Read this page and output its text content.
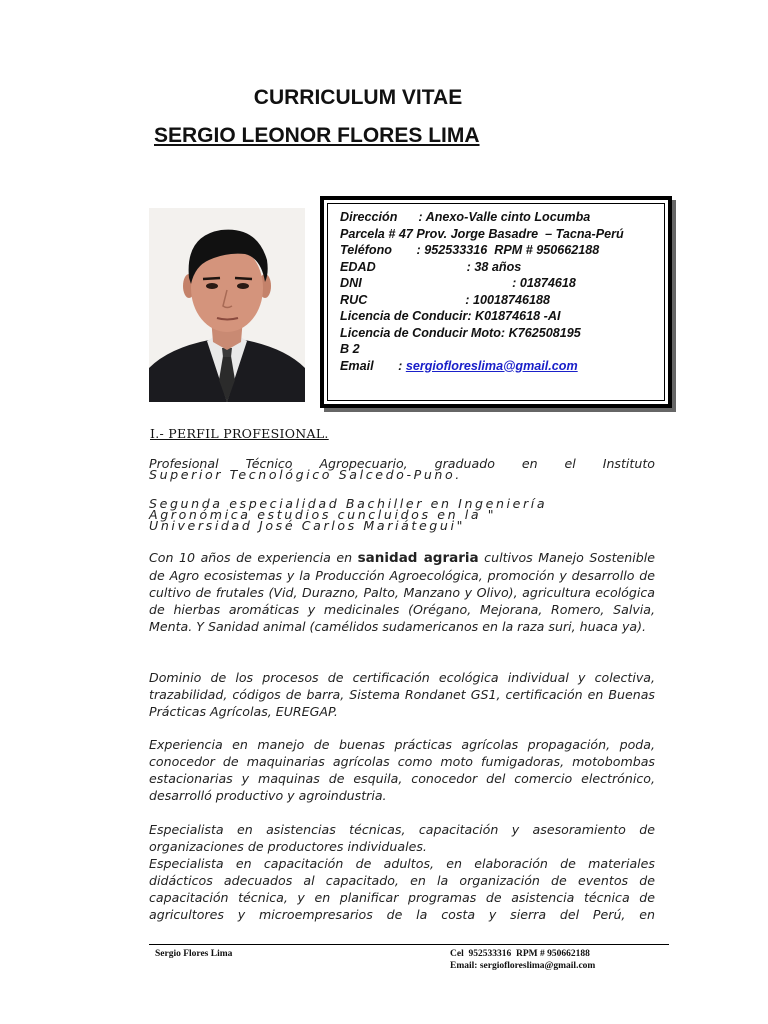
CURRICULUM VITAE
SERGIO LEONOR FLORES LIMA
Dirección : Anexo-Valle cinto Locumba
Parcela # 47 Prov. Jorge Basadre  – Tacna-Perú
Teléfono : 952533316  RPM # 950662188
EDAD	: 38 años
DNI	: 01874618
RUC	: 10018746188
Licencia de Conducir: K01874618 -AI
Licencia de Conducir Moto: K762508195
B 2
Email : sergiofloreslima@gmail.com
I.- PERFIL PROFESIONAL.
Profesional Técnico Agropecuario, graduado en el Instituto
Superior Tecnológico Salcedo-Puno.
Segunda especialidad Bachiller en Ingeniería
Agronómica estudios cuncluidos en la "
Universidad José Carlos Mariátegui"
Con 10 años de experiencia en sanidad agraria cultivos Manejo Sostenible de Agro ecosistemas y la Producción Agroecológica, promoción y desarrollo de cultivo de frutales (Vid, Durazno, Palto, Manzano y Olivo), agricultura ecológica de hierbas aromáticas y medicinales (Orégano, Mejorana, Romero, Salvia, Menta. Y Sanidad animal (camélidos sudamericanos en la raza suri, huaca ya).
Dominio de los procesos de certificación ecológica individual y colectiva, trazabilidad, códigos de barra, Sistema Rondanet GS1, certificación en Buenas Prácticas Agrícolas, EUREGAP.
Experiencia en manejo de buenas prácticas agrícolas propagación, poda, conocedor de maquinarias agrícolas como moto fumigadoras, motobombas estacionarias y maquinas de esquila, conocedor del comercio electrónico, desarrolló productivo y agroindustria.
Especialista en asistencias técnicas, capacitación y asesoramiento de organizaciones de productores individuales.
Especialista en capacitación de adultos, en elaboración de materiales didácticos adecuados al capacitado, en la organización de eventos de capacitación técnica, y en planificar programas de asistencia técnica de agricultores y microempresarios de la costa y sierra del Perú, en
Sergio Flores Lima	Cel  952533316  RPM # 950662188
Email: sergiofloreslima@gmail.com
